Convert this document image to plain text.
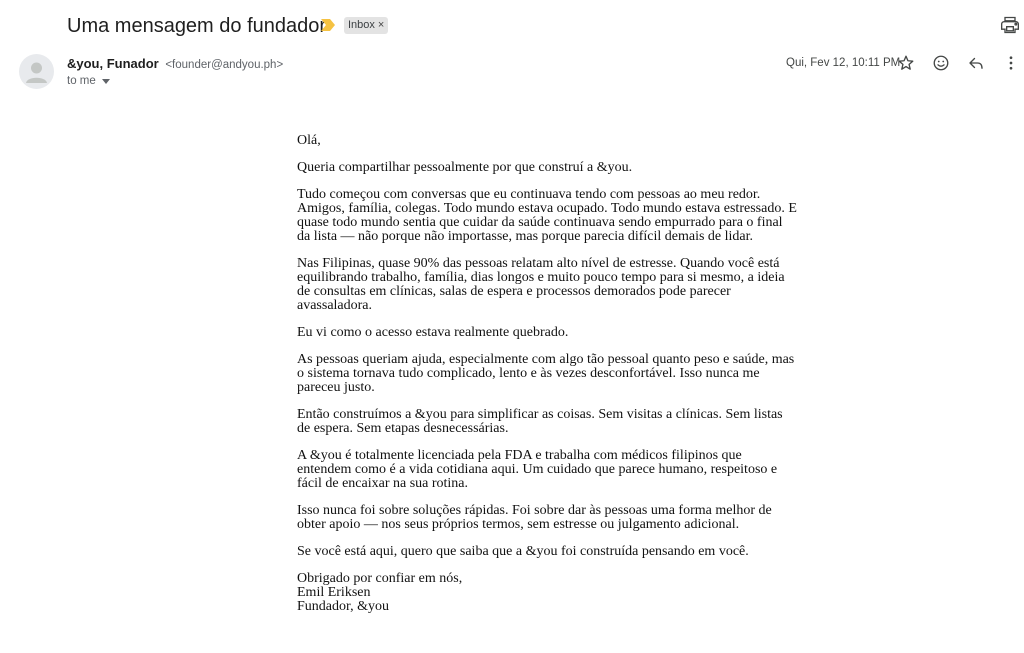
Uma mensagem do fundador Inbox ×
&you, Funador <founder@andyou.ph>
to me
Qui, Fev 12, 10:11 PM

Olá,

Queria compartilhar pessoalmente por que construí a &you.

Tudo começou com conversas que eu continuava tendo com pessoas ao meu redor. Amigos, família, colegas. Todo mundo estava ocupado. Todo mundo estava estressado. E quase todo mundo sentia que cuidar da saúde continuava sendo empurrado para o final da lista — não porque não importasse, mas porque parecia difícil demais de lidar.

Nas Filipinas, quase 90% das pessoas relatam alto nível de estresse. Quando você está equilibrando trabalho, família, dias longos e muito pouco tempo para si mesmo, a ideia de consultas em clínicas, salas de espera e processos demorados pode parecer avassaladora.

Eu vi como o acesso estava realmente quebrado.

As pessoas queriam ajuda, especialmente com algo tão pessoal quanto peso e saúde, mas o sistema tornava tudo complicado, lento e às vezes desconfortável. Isso nunca me pareceu justo.

Então construímos a &you para simplificar as coisas. Sem visitas a clínicas. Sem listas de espera. Sem etapas desnecessárias.

A &you é totalmente licenciada pela FDA e trabalha com médicos filipinos que entendem como é a vida cotidiana aqui. Um cuidado que parece humano, respeitoso e fácil de encaixar na sua rotina.

Isso nunca foi sobre soluções rápidas. Foi sobre dar às pessoas uma forma melhor de obter apoio — nos seus próprios termos, sem estresse ou julgamento adicional.

Se você está aqui, quero que saiba que a &you foi construída pensando em você.

Obrigado por confiar em nós,
Emil Eriksen
Fundador, &you
